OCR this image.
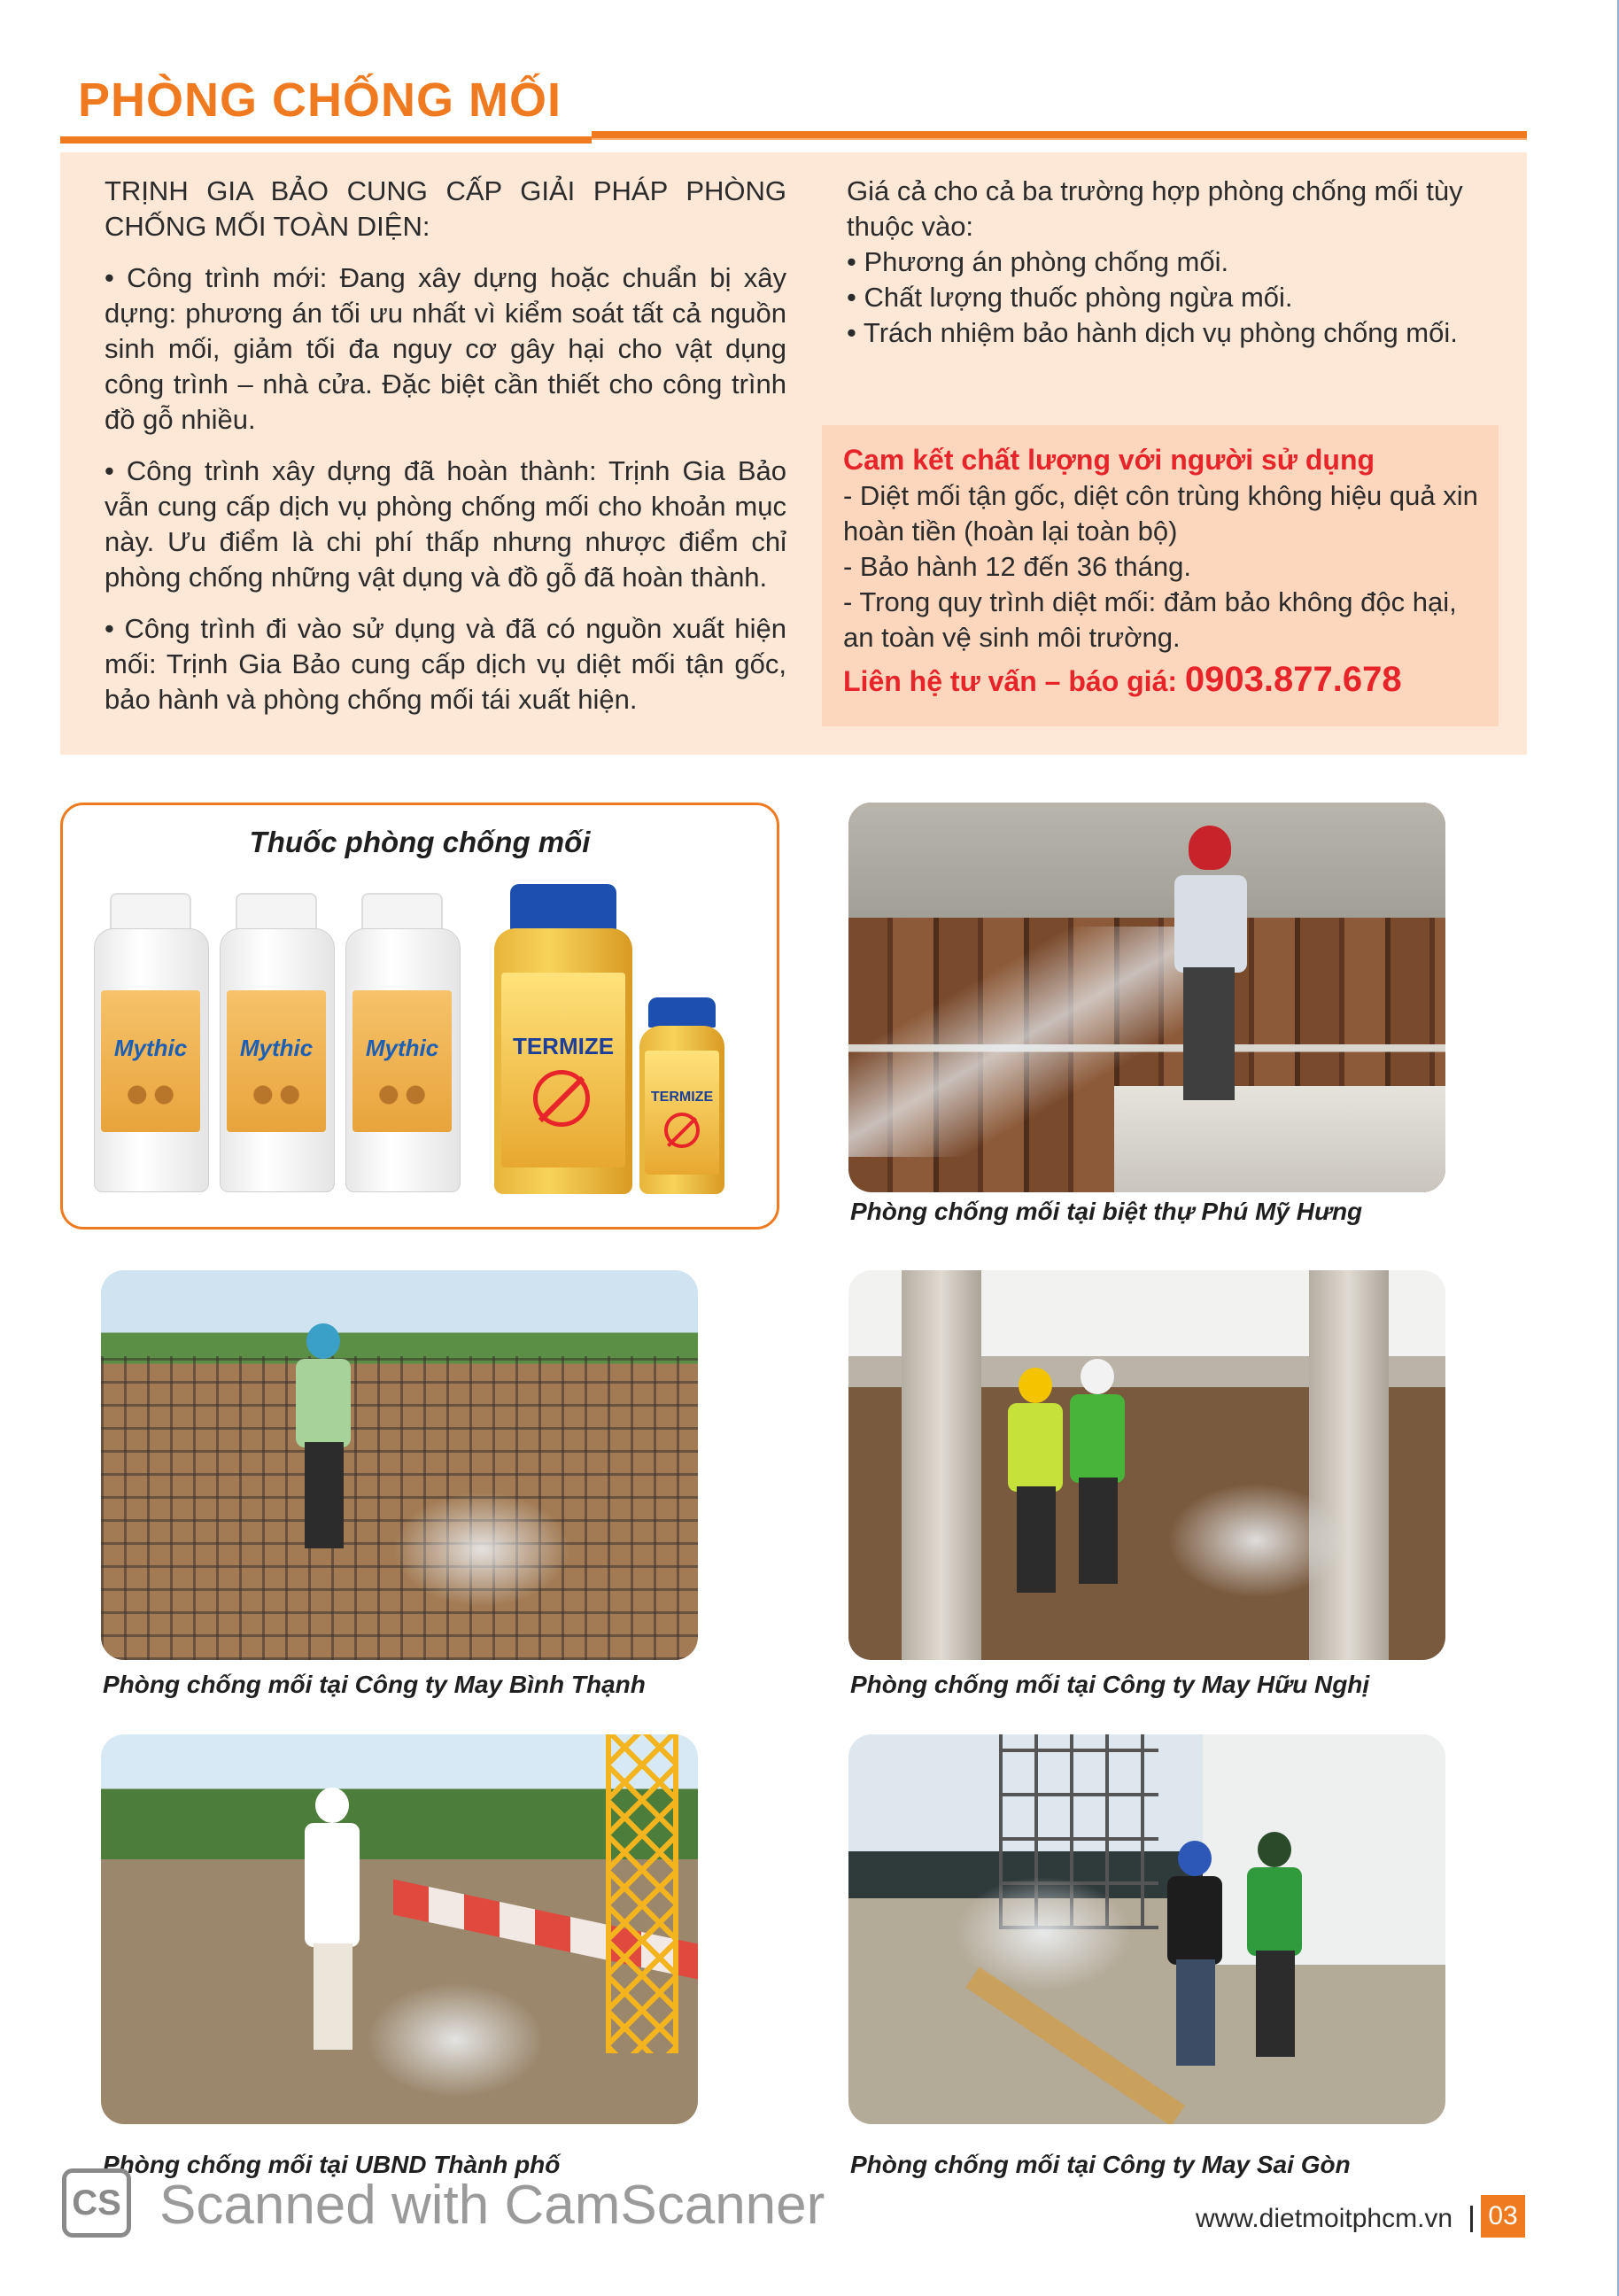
PHÒNG CHỐNG MỐI

TRỊNH GIA BẢO CUNG CẤP GIẢI PHÁP PHÒNG CHỐNG MỐI TOÀN DIỆN:

• Công trình mới: Đang xây dựng hoặc chuẩn bị xây dựng: phương án tối ưu nhất vì kiểm soát tất cả nguồn sinh mối, giảm tối đa nguy cơ gây hại cho vật dụng công trình – nhà cửa. Đặc biệt cần thiết cho công trình đồ gỗ nhiều.

• Công trình xây dựng đã hoàn thành: Trịnh Gia Bảo vẫn cung cấp dịch vụ phòng chống mối cho khoản mục này. Ưu điểm là chi phí thấp nhưng nhược điểm chỉ phòng chống những vật dụng và đồ gỗ đã hoàn thành.

• Công trình đi vào sử dụng và đã có nguồn xuất hiện mối: Trịnh Gia Bảo cung cấp dịch vụ diệt mối tận gốc, bảo hành và phòng chống mối tái xuất hiện.

Giá cả cho cả ba trường hợp phòng chống mối tùy thuộc vào:

• Phương án phòng chống mối.

• Chất lượng thuốc phòng ngừa mối.

• Trách nhiệm bảo hành dịch vụ phòng chống mối.

Cam kết chất lượng với người sử dụng

- Diệt mối tận gốc, diệt côn trùng không hiệu quả xin hoàn tiền (hoàn lại toàn bộ)

- Bảo hành 12 đến 36 tháng.

- Trong quy trình diệt mối: đảm bảo không độc hại, an toàn vệ sinh môi trường.

Liên hệ tư vấn – báo giá: 0903.877.678
Thuốc phòng chống mối
Mythic	Mythic	Mythic	TERMIZE
TERMIZE
Phòng chống mối tại biệt thự Phú Mỹ Hưng
Phòng chống mối tại Công ty May Bình Thạnh	Phòng chống mối tại Công ty May Hữu Nghị
Phòng chống mối tại UBND Thành phố	Phòng chống mối tại Công ty May Sai Gòn
CS Scanned with CamScanner	www.dietmoitphcm.vn 03
